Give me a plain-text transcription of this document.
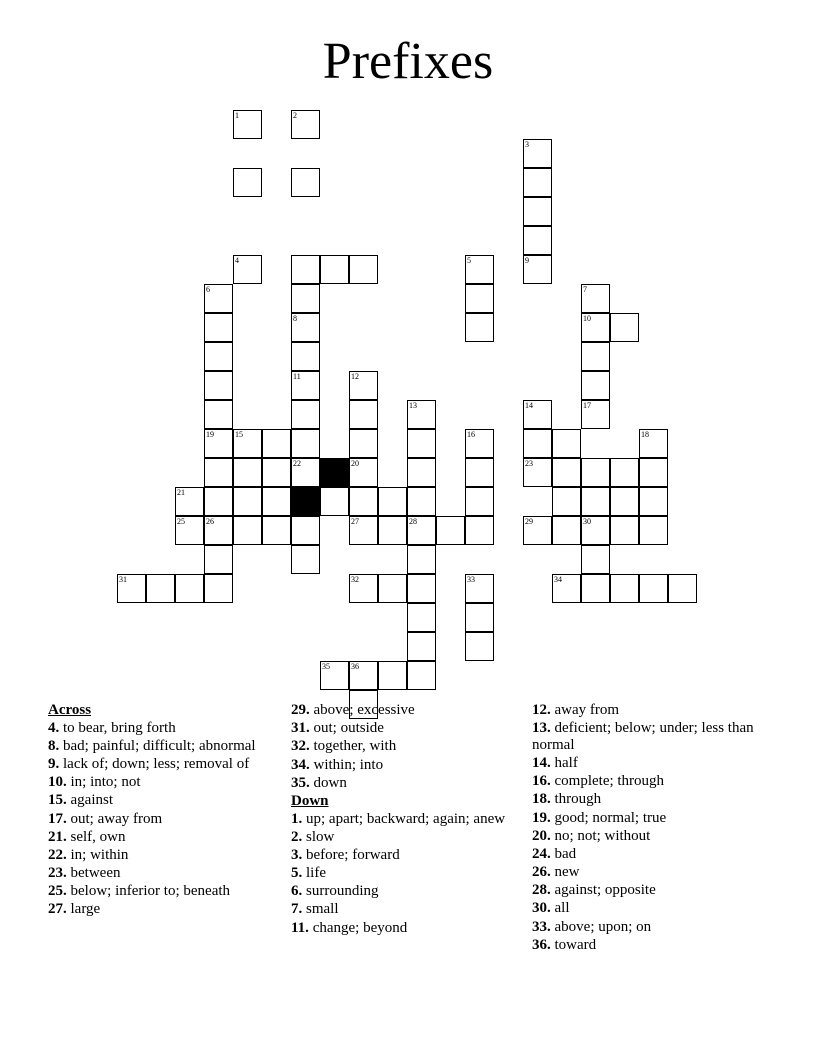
Prefixes
1
4
2
8
3
9
5
6
19
7
10
17
11
22
12
20
13	14
23
15	16	18
21
25	26	27	28	29	30
31	32	33	34
35	36
Across
4. to bear, bring forth
8. bad; painful; difficult; abnormal
9. lack of; down; less; removal of
10. in; into; not
15. against
17. out; away from
21. self, own
22. in; within
23. between
25. below; inferior to; beneath
27. large
29. above; excessive
31. out; outside
32. together, with
34. within; into
35. down
Down
1. up; apart; backward; again; anew
2. slow
3. before; forward
5. life
6. surrounding
7. small
11. change; beyond
12. away from
13. deficient; below; under; less than normal
14. half
16. complete; through
18. through
19. good; normal; true
20. no; not; without
24. bad
26. new
28. against; opposite
30. all
33. above; upon; on
36. toward
